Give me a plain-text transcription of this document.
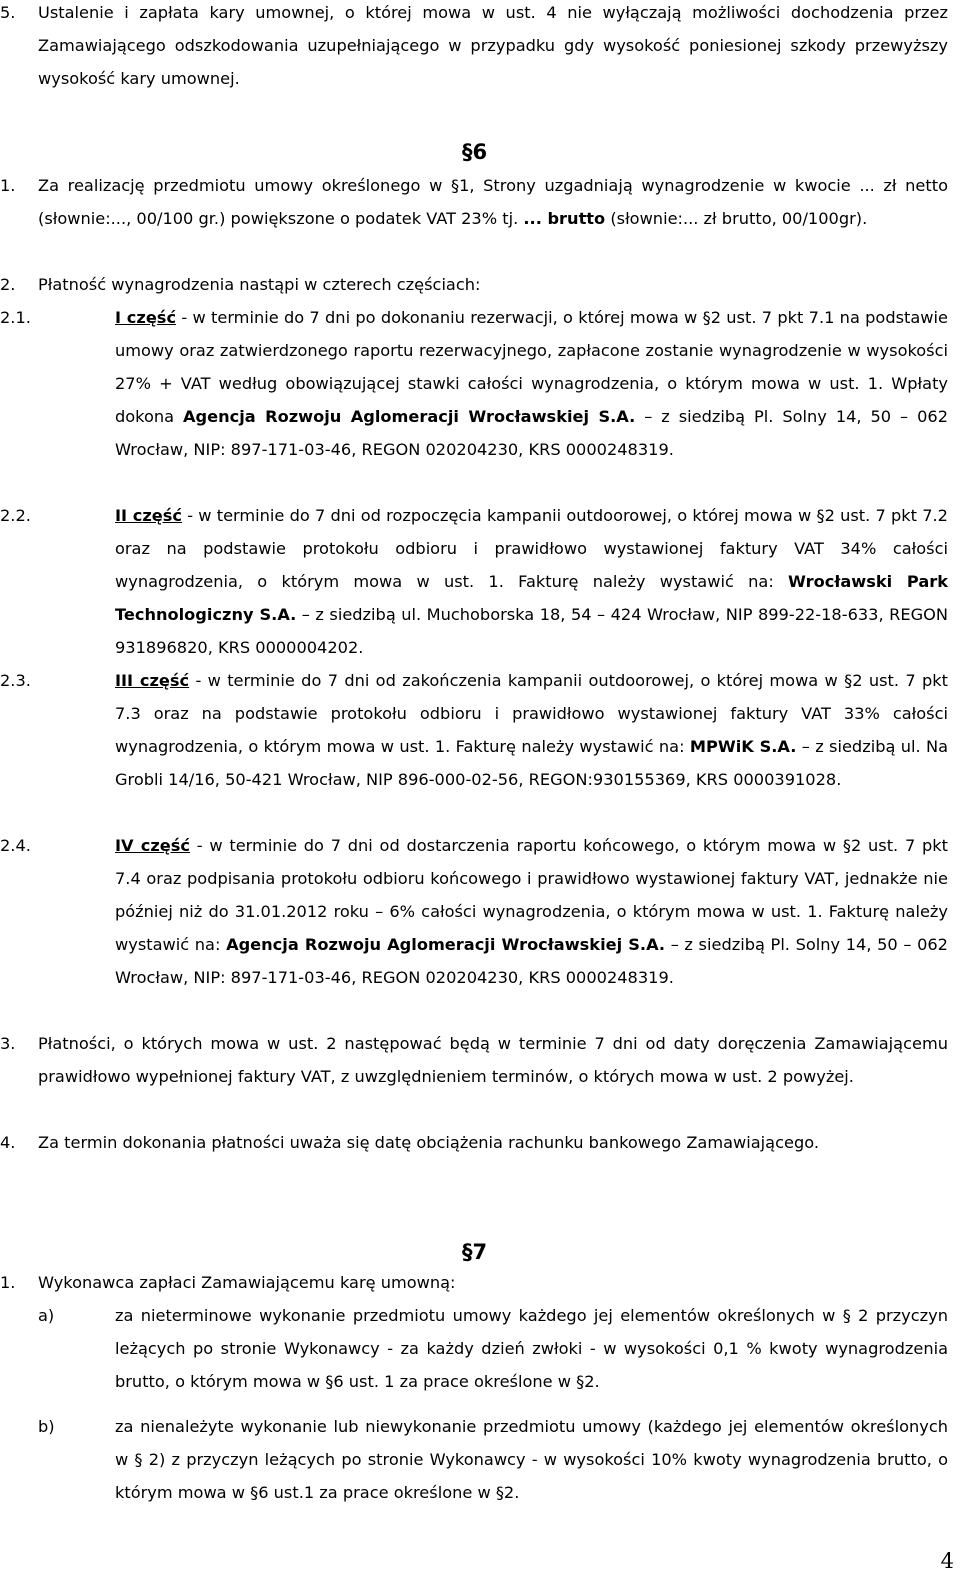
5. Ustalenie i zapłata kary umownej, o której mowa w ust. 4 nie wyłączają możliwości dochodzenia przez Zamawiającego odszkodowania uzupełniającego w przypadku gdy wysokość poniesionej szkody przewyższy wysokość kary umownej.
§6
1. Za realizację przedmiotu umowy określonego w §1, Strony uzgadniają wynagrodzenie w kwocie ... zł netto (słownie:..., 00/100 gr.) powiększone o podatek VAT 23% tj. ... brutto (słownie:... zł brutto, 00/100gr).
2. Płatność wynagrodzenia nastąpi w czterech częściach:
2.1.	I część - w terminie do 7 dni po dokonaniu rezerwacji, o której mowa w §2 ust. 7 pkt 7.1 na podstawie umowy oraz zatwierdzonego raportu rezerwacyjnego, zapłacone zostanie wynagrodzenie w wysokości 27% + VAT według obowiązującej stawki całości wynagrodzenia, o którym mowa w ust. 1. Wpłaty dokona Agencja Rozwoju Aglomeracji Wrocławskiej S.A. – z siedzibą Pl. Solny 14, 50 – 062 Wrocław, NIP: 897-171-03-46, REGON 020204230, KRS 0000248319.
2.2.	II część - w terminie do 7 dni od rozpoczęcia kampanii outdoorowej, o której mowa w §2 ust. 7 pkt 7.2 oraz na podstawie protokołu odbioru i prawidłowo wystawionej faktury VAT 34% całości wynagrodzenia, o którym mowa w ust. 1. Fakturę należy wystawić na: Wrocławski Park Technologiczny S.A. – z siedzibą ul. Muchoborska 18, 54 – 424 Wrocław, NIP 899-22-18-633, REGON 931896820, KRS 0000004202.
2.3.	III część - w terminie do 7 dni od zakończenia kampanii outdoorowej, o której mowa w §2 ust. 7 pkt 7.3 oraz na podstawie protokołu odbioru i prawidłowo wystawionej faktury VAT 33% całości wynagrodzenia, o którym mowa w ust. 1. Fakturę należy wystawić na: MPWiK S.A. – z siedzibą ul. Na Grobli 14/16, 50-421 Wrocław, NIP 896-000-02-56, REGON:930155369, KRS 0000391028.
2.4.	IV część - w terminie do 7 dni od dostarczenia raportu końcowego, o którym mowa w §2 ust. 7 pkt 7.4 oraz podpisania protokołu odbioru końcowego i prawidłowo wystawionej faktury VAT, jednakże nie później niż do 31.01.2012 roku – 6% całości wynagrodzenia, o którym mowa w ust. 1. Fakturę należy wystawić na: Agencja Rozwoju Aglomeracji Wrocławskiej S.A. – z siedzibą Pl. Solny 14, 50 – 062 Wrocław, NIP: 897-171-03-46, REGON 020204230, KRS 0000248319.
3. Płatności, o których mowa w ust. 2 następować będą w terminie 7 dni od daty doręczenia Zamawiającemu prawidłowo wypełnionej faktury VAT, z uwzględnieniem terminów, o których mowa w ust. 2 powyżej.
4. Za termin dokonania płatności uważa się datę obciążenia rachunku bankowego Zamawiającego.
§7
1. Wykonawca zapłaci Zamawiającemu karę umowną:
a)	za nieterminowe wykonanie przedmiotu umowy każdego jej elementów określonych w § 2 przyczyn leżących po stronie Wykonawcy - za każdy dzień zwłoki - w wysokości 0,1 % kwoty wynagrodzenia brutto, o którym mowa w §6 ust. 1 za prace określone w §2.
b)	za nienależyte wykonanie lub niewykonanie przedmiotu umowy (każdego jej elementów określonych w § 2) z przyczyn leżących po stronie Wykonawcy - w wysokości 10% kwoty wynagrodzenia brutto, o którym mowa w §6 ust.1 za prace określone w §2.
4
